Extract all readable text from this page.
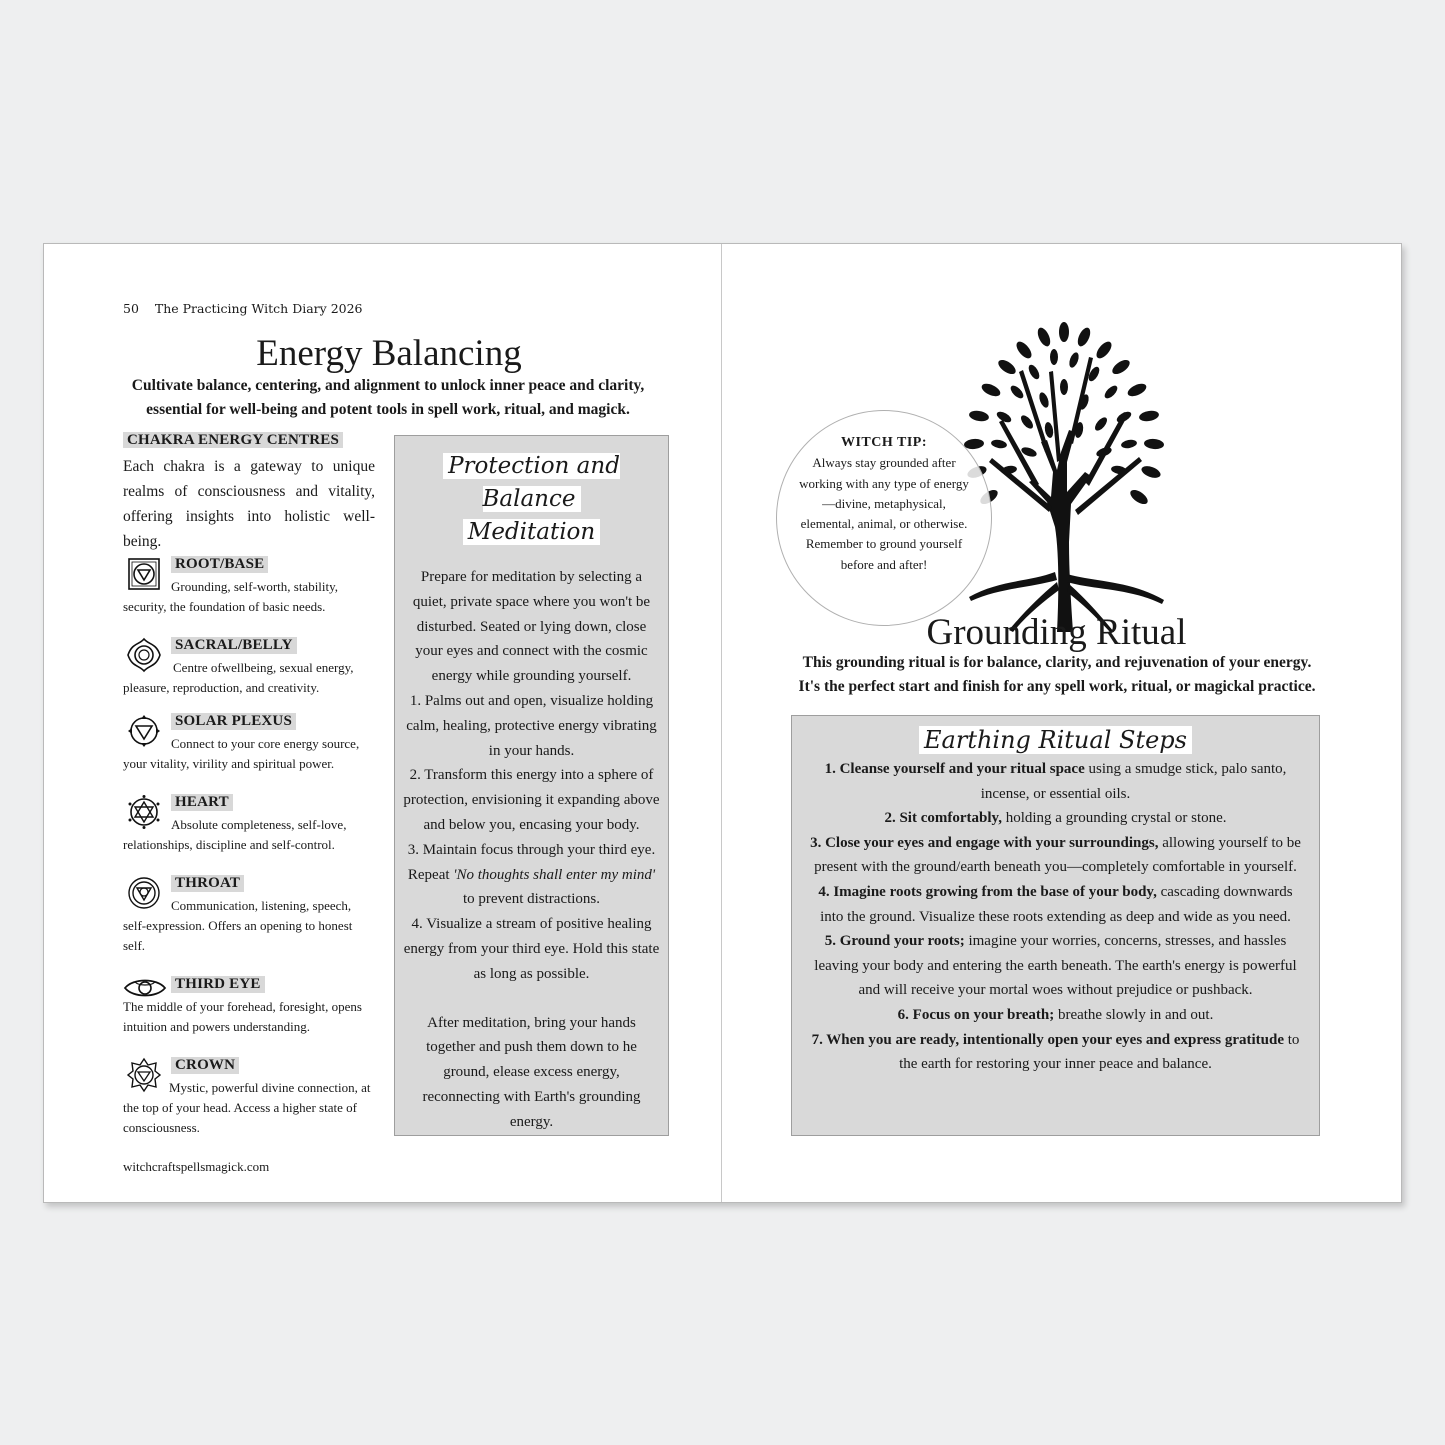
50 The Practicing Witch Diary 2026
Energy Balancing

Cultivate balance, centering, and alignment to unlock inner peace and clarity,

essential for well-being and potent tools in spell work, ritual, and magick.

CHAKRA ENERGY CENTRES
Each chakra is a gateway to unique realms of consciousness and vitality, offering insights into holistic well-being.
ROOT/BASE
Grounding, self-worth, stability, security, the foundation of basic needs.
SACRAL/BELLY
Centre ofwellbeing, sexual energy, pleasure, reproduction, and creativity.
SOLAR PLEXUS
Connect to your core energy source, your vitality, virility and spiritual power.
HEART
Absolute completeness, self-love, relationships, discipline and self-control.
THROAT
Communication, listening, speech, self-expression. Offers an opening to honest self.
THIRD EYE
The middle of your forehead, foresight, opens intuition and powers understanding.
CROWN
Mystic, powerful divine connection, at the top of your head. Access a higher state of consciousness.
witchcraftspellsmagick.com
Protection and Balance
Meditation
Prepare for meditation by selecting a quiet, private space where you won't be disturbed. Seated or lying down, close your eyes and connect with the cosmic energy while grounding yourself.
1. Palms out and open, visualize holding calm, healing, protective energy vibrating in your hands.
2. Transform this energy into a sphere of protection, envisioning it expanding above and below you, encasing your body.
3. Maintain focus through your third eye. Repeat 'No thoughts shall enter my mind' to prevent distractions.
4. Visualize a stream of positive healing energy from your third eye. Hold this state as long as possible.
After meditation, bring your hands together and push them down to he ground, elease excess energy, reconnecting with Earth's grounding energy.
WITCH TIP:
Always stay grounded after working with any type of energy—divine, metaphysical, elemental, animal, or otherwise. Remember to ground yourself before and after!
Grounding Ritual

This grounding ritual is for balance, clarity, and rejuvenation of your energy.

It's the perfect start and finish for any spell work, ritual, or magickal practice.

Earthing Ritual Steps
1. Cleanse yourself and your ritual space using a smudge stick, palo santo, incense, or essential oils.
2. Sit comfortably, holding a grounding crystal or stone.
3. Close your eyes and engage with your surroundings, allowing yourself to be present with the ground/earth beneath you—completely comfortable in yourself.
4. Imagine roots growing from the base of your body, cascading downwards into the ground. Visualize these roots extending as deep and wide as you need.
5. Ground your roots; imagine your worries, concerns, stresses, and hassles leaving your body and entering the earth beneath. The earth's energy is powerful and will receive your mortal woes without prejudice or pushback.
6. Focus on your breath; breathe slowly in and out.
7. When you are ready, intentionally open your eyes and express gratitude to the earth for restoring your inner peace and balance.
